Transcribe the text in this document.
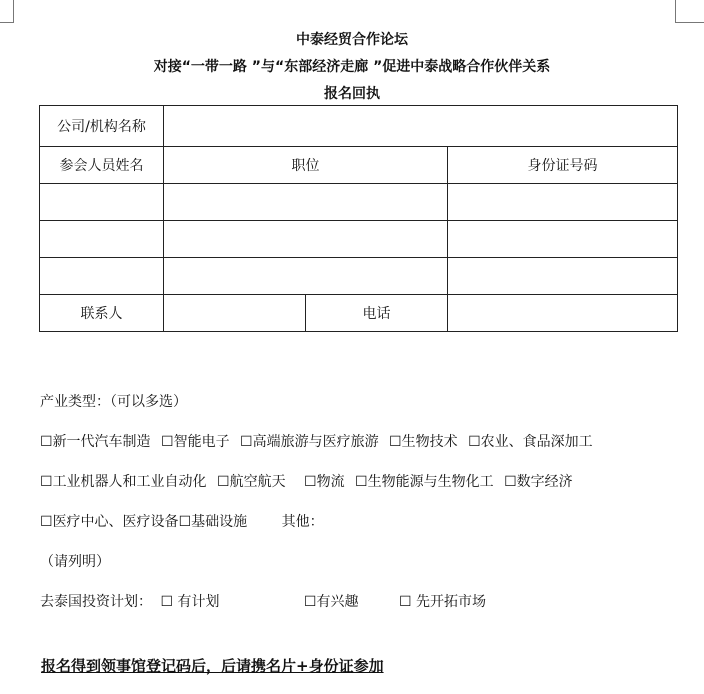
中泰经贸合作论坛
对接“一带一路 ”与“东部经济走廊 ”促进中泰战略合作伙伴关系
报名回执
公司/机构名称			
参会人员姓名	职位		身份证号码

联系人		电话	
产业类型：（可以多选）
☐新一代汽车制造 ☐智能电子 ☐高端旅游与医疗旅游 ☐生物技术 ☐农业、食品深加工
☐工业机器人和工业自动化 ☐航空航天 ☐物流 ☐生物能源与生物化工 ☐数字经济
☐医疗中心、医疗设备☐基础设施 其他：
（请列明）
去泰国投资计划： ☐ 有计划	☐有兴趣	☐ 先开拓市场
报名得到领事馆登记码后，后请携名片+身份证参加
